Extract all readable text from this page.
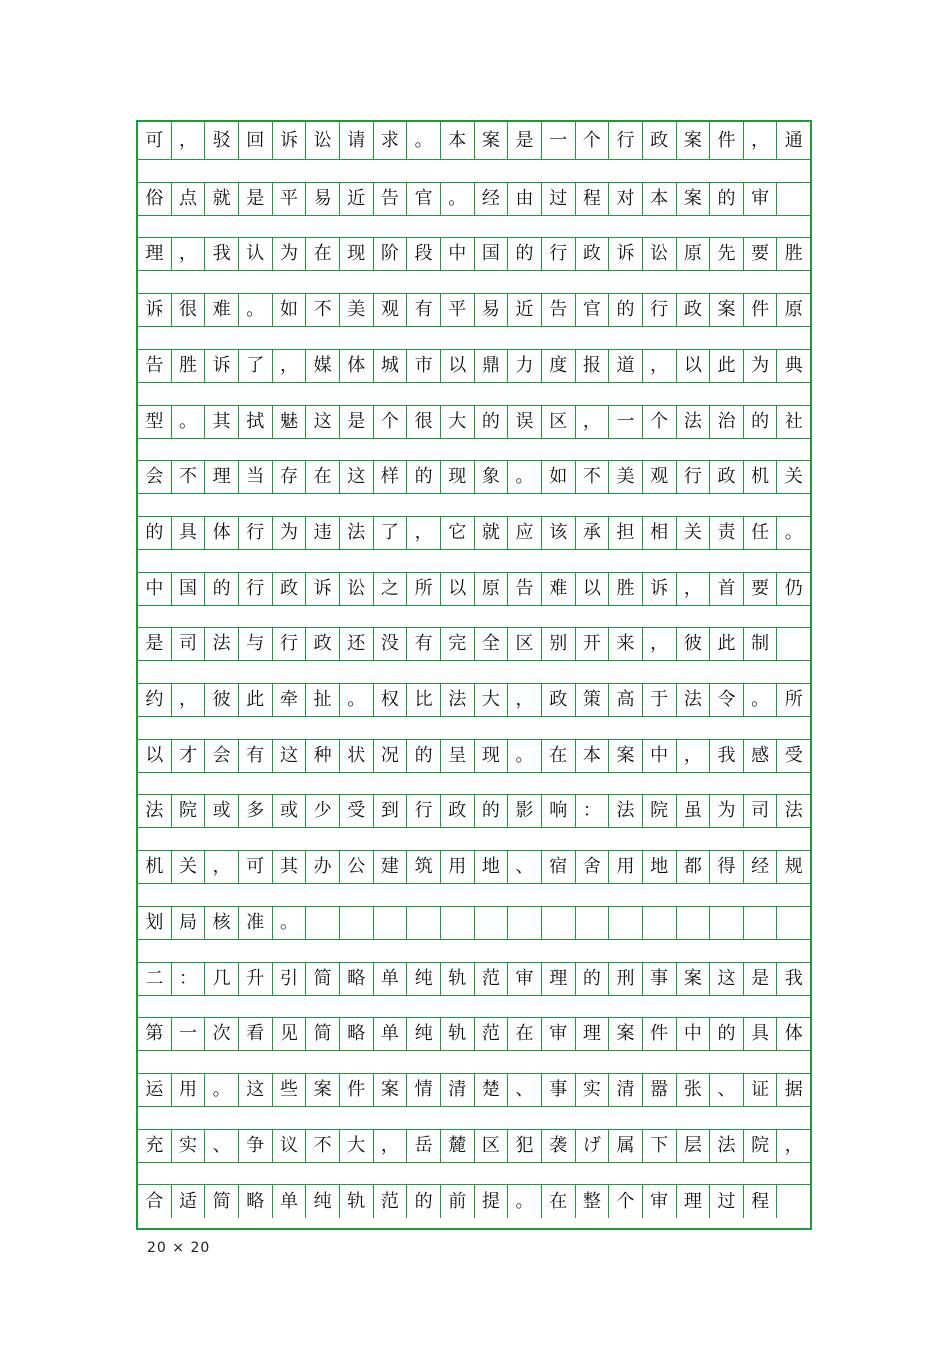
可 ， 驳 回 诉 讼 请 求 。 本 案 是 一 个 行 政 案 件 ， 通
俗 点 就 是 平 易 近 告 官 。 经 由 过 程 对 本 案 的 审
理 ， 我 认 为 在 现 阶 段 中 国 的 行 政 诉 讼 原 先 要 胜
诉 很 难 。 如 不 美 观 有 平 易 近 告 官 的 行 政 案 件 原
告 胜 诉 了 ， 媒 体 城 市 以 鼎 力 度 报 道 ， 以 此 为 典
型 。 其 拭 魅 这 是 个 很 大 的 误 区 ， 一 个 法 治 的 社
会 不 理 当 存 在 这 样 的 现 象 。 如 不 美 观 行 政 机 关
的 具 体 行 为 违 法 了 ， 它 就 应 该 承 担 相 关 责 任 。
中 国 的 行 政 诉 讼 之 所 以 原 告 难 以 胜 诉 ， 首 要 仍
是 司 法 与 行 政 还 没 有 完 全 区 别 开 来 ， 彼 此 制
约 ， 彼 此 牵 扯 。 权 比 法 大 ， 政 策 高 于 法 令 。 所
以 才 会 有 这 种 状 况 的 呈 现 。 在 本 案 中 ， 我 感 受
法 院 或 多 或 少 受 到 行 政 的 影 响 ： 法 院 虽 为 司 法
机 关 ， 可 其 办 公 建 筑 用 地 、 宿 舍 用 地 都 得 经 规
划 局 核 准 。
二 ： 几 升 引 简 略 单 纯 轨 范 审 理 的 刑 事 案 这 是 我
第 一 次 看 见 简 略 单 纯 轨 范 在 审 理 案 件 中 的 具 体
运 用 。 这 些 案 件 案 情 清 楚 、 事 实 清 嚣 张 、 证 据
充 实 、 争 议 不 大 ， 岳 麓 区 犯 袭 げ 属 下 层 法 院 ，
合 适 简 略 单 纯 轨 范 的 前 提 。 在 整 个 审 理 过 程
20 × 20
